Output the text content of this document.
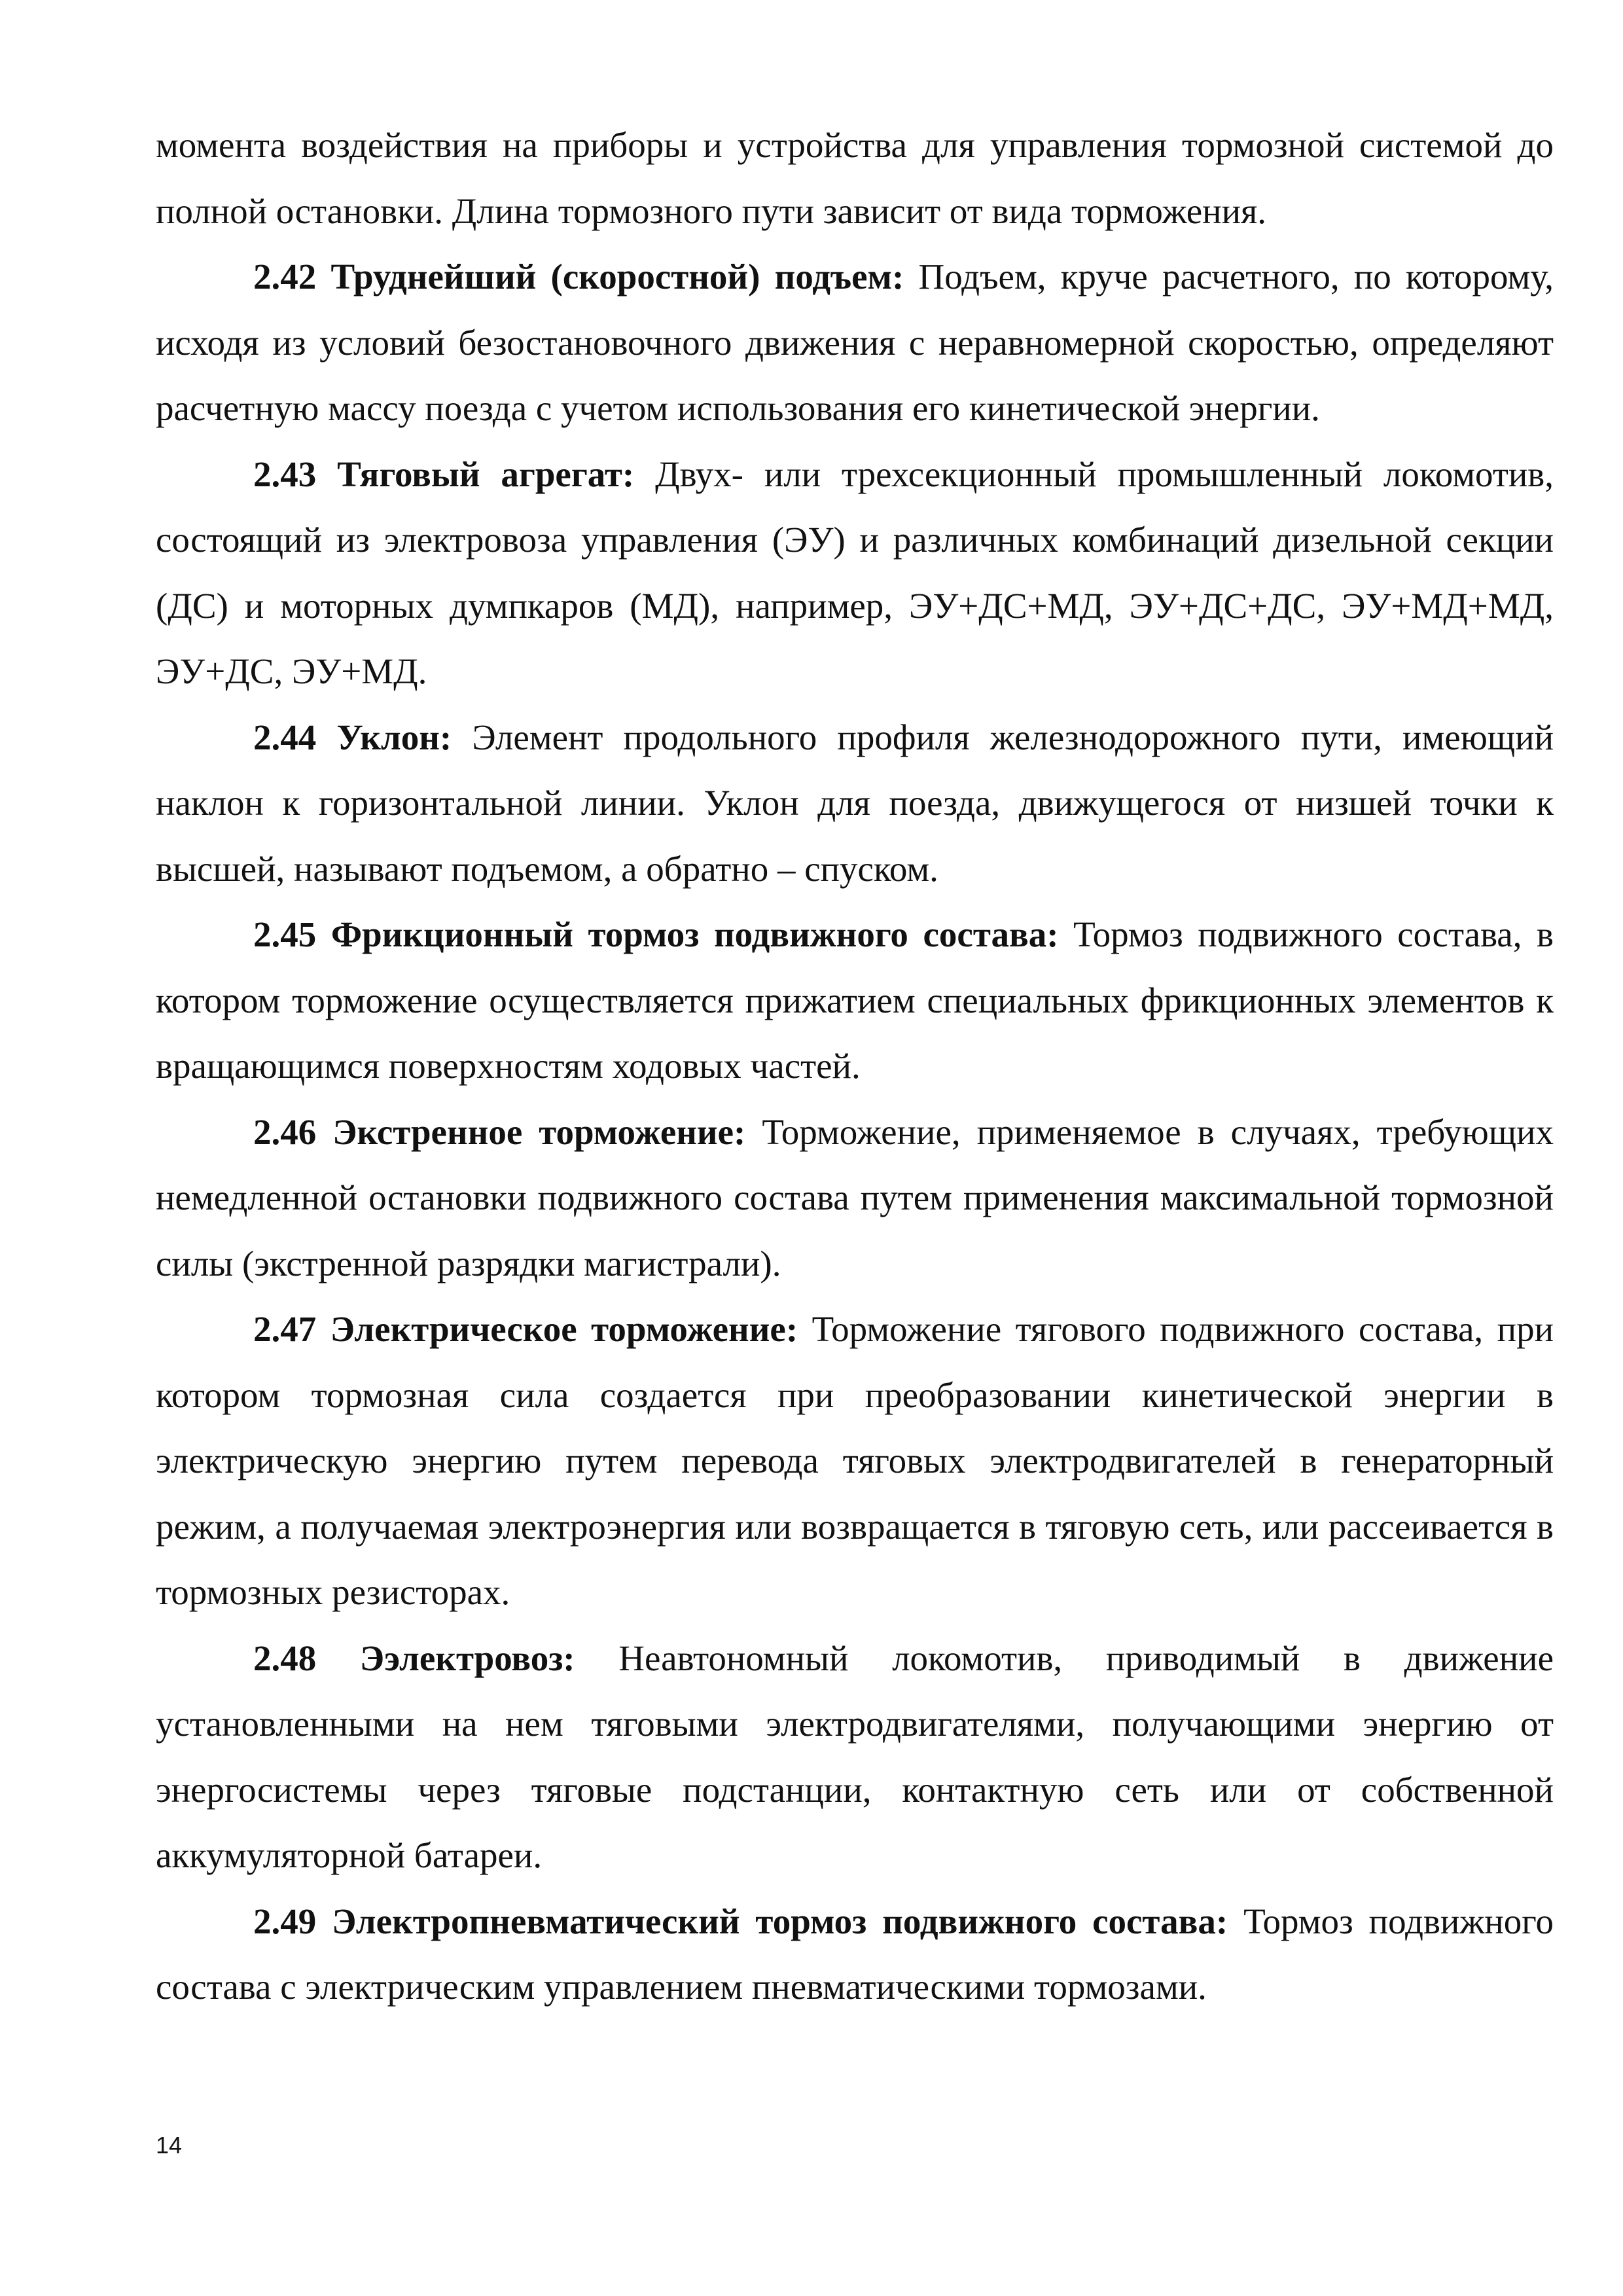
момента воздействия на приборы и устройства для управления тормозной системой до полной остановки. Длина тормозного пути зависит от вида торможения.

2.42 Труднейший (скоростной) подъем: Подъем, круче расчетного, по которому, исходя из условий безостановочного движения с неравномерной скоростью, определяют расчетную массу поезда с учетом использования его кинетической энергии.

2.43 Тяговый агрегат: Двух- или трехсекционный промышленный локомотив, состоящий из электровоза управления (ЭУ) и различных комбинаций дизельной секции (ДС) и моторных думпкаров (МД), например, ЭУ+ДС+МД, ЭУ+ДС+ДС, ЭУ+МД+МД, ЭУ+ДС, ЭУ+МД.

2.44 Уклон: Элемент продольного профиля железнодорожного пути, имеющий наклон к горизонтальной линии. Уклон для поезда, движущегося от низшей точки к высшей, называют подъемом, а обратно – спуском.

2.45 Фрикционный тормоз подвижного состава: Тормоз подвижного состава, в котором торможение осуществляется прижатием специальных фрикционных элементов к вращающимся поверхностям ходовых частей.

2.46 Экстренное торможение: Торможение, применяемое в случаях, требующих немедленной остановки подвижного состава путем применения максимальной тормозной силы (экстренной разрядки магистрали).

2.47 Электрическое торможение: Торможение тягового подвижного состава, при котором тормозная сила создается при преобразовании кинетической энергии в электрическую энергию путем перевода тяговых электродвигателей в генераторный режим, а получаемая электроэнергия или возвращается в тяговую сеть, или рассеивается в тормозных резисторах.

2.48 Ээлектровоз: Неавтономный локомотив, приводимый в движение установленными на нем тяговыми электродвигателями, получающими энергию от энергосистемы через тяговые подстанции, контактную сеть или от собственной аккумуляторной батареи.

2.49 Электропневматический тормоз подвижного состава: Тормоз подвижного состава с электрическим управлением пневматическими тормозами.

14
